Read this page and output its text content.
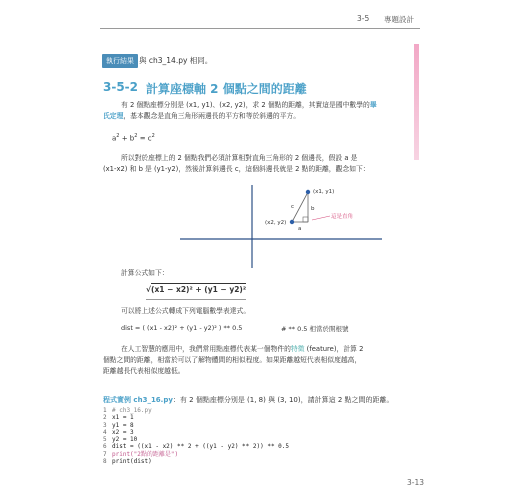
3-5 專題設計
執行結果 與 ch3_14.py 相同。
3-5-2 計算座標軸 2 個點之間的距離
有 2 個點座標分別是 (x1, y1)、(x2, y2)，求 2 個點的距離，其實這是國中數學的畢
氏定理，基本觀念是直角三角形兩邊長的平方和等於斜邊的平方。
$a^2 + b^2 = c^2$
所以對於座標上的 2 個點我們必須計算相對直角三角形的 2 個邊長，假設 a 是
(x1-x2) 和 b 是 (y1-y2)，然後計算斜邊長 c，這個斜邊長就是 2 點的距離，觀念如下：
(x1, y1)
(x2, y2)
c	b
a
這是直角
計算公式如下：
√(x1 − x2)² + (y1 − y2)²
可以將上述公式轉成下列電腦數學表達式。
dist = ( (x1 - x2)² + (y1 - y2)² ) ** 0.5	# ** 0.5 相當於開根號
在人工智慧的應用中，我們常用點座標代表某一個物件的特徵 (feature)，計算 2
個點之間的距離，相當於可以了解物體間的相似程度。如果距離越短代表相似度越高，
距離越長代表相似度越低。
程式實例 ch3_16.py：有 2 個點座標分別是 (1, 8) 與 (3, 10)，請計算這 2 點之間的距離。
1 # ch3_16.py
2 x1 = 1
3 y1 = 8
4 x2 = 3
5 y2 = 10
6 dist = ((x1 - x2) ** 2 + ((y1 - y2) ** 2)) ** 0.5
7 print("2點的距離是")
8 print(dist)
3-13
